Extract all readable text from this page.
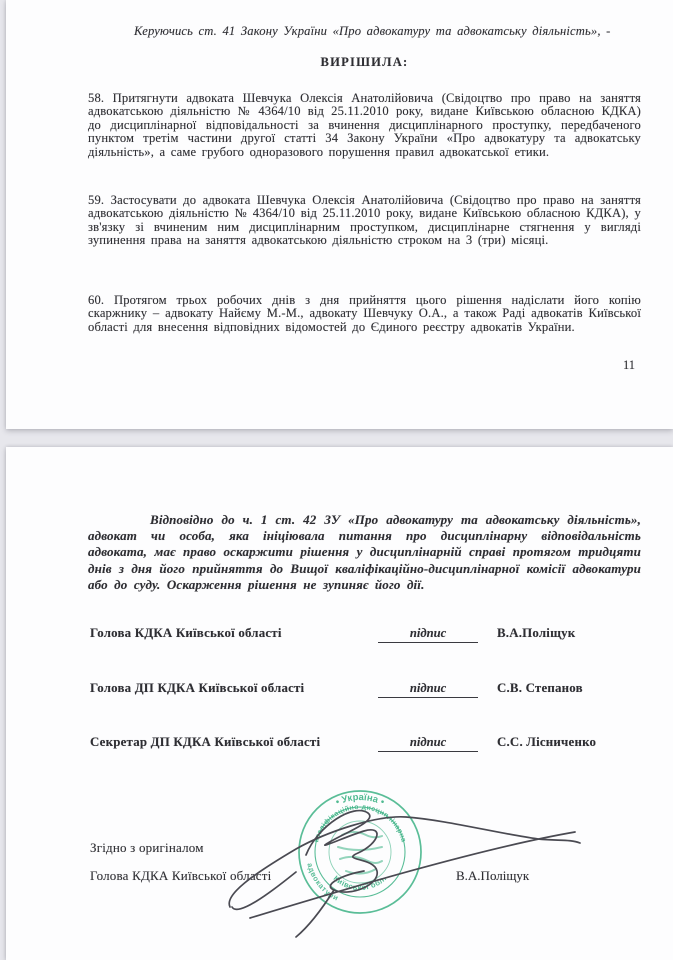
Керуючись ст. 41 Закону України «Про адвокатуру та адвокатську діяльність», -

ВИРІШИЛА:

58. Притягнути адвоката Шевчука Олексія Анатолійовича (Свідоцтво про право на заняття адвокатською діяльністю № 4364/10 від 25.11.2010 року, видане Київською обласною КДКА) до дисциплінарної відповідальності за вчинення дисциплінарного проступку, передбаченого пунктом третім частини другої статті 34 Закону України «Про адвокатуру та адвокатську діяльність», а саме грубого одноразового порушення правил адвокатської етики.

59. Застосувати до адвоката Шевчука Олексія Анатолійовича (Свідоцтво про право на заняття адвокатською діяльністю № 4364/10 від 25.11.2010 року, видане Київською обласною КДКА), у зв'язку зі вчиненим ним дисциплінарним проступком, дисциплінарне стягнення у вигляді зупинення права на заняття адвокатською діяльністю строком на 3 (три) місяці.

60. Протягом трьох робочих днів з дня прийняття цього рішення надіслати його копію скаржнику – адвокату Найєму М.-М., адвокату Шевчуку О.А., а також Раді адвокатів Київської області для внесення відповідних відомостей до Єдиного реєстру адвокатів України.

11

Відповідно до ч. 1 ст. 42 ЗУ «Про адвокатуру та адвокатську діяльність», адвокат чи особа, яка ініціювала питання про дисциплінарну відповідальність адвоката, має право оскаржити рішення у дисциплінарній справі протягом тридцяти днів з дня його прийняття до Вищої кваліфікаційно-дисциплінарної комісії адвокатури або до суду. Оскарження рішення не зупиняє його дії.

Голова КДКА Київської області	підпис	В.А.Поліщук
Голова ДП КДКА Київської області	підпис	С.В. Степанов
Секретар ДП КДКА Київської області	підпис	С.С. Лісниченко
Згідно з оригіналом
Голова КДКА Київської області	В.А.Поліщук
• Україна •
адвокатури
кваліфікаційно-дисциплінарна
Київської обл.
